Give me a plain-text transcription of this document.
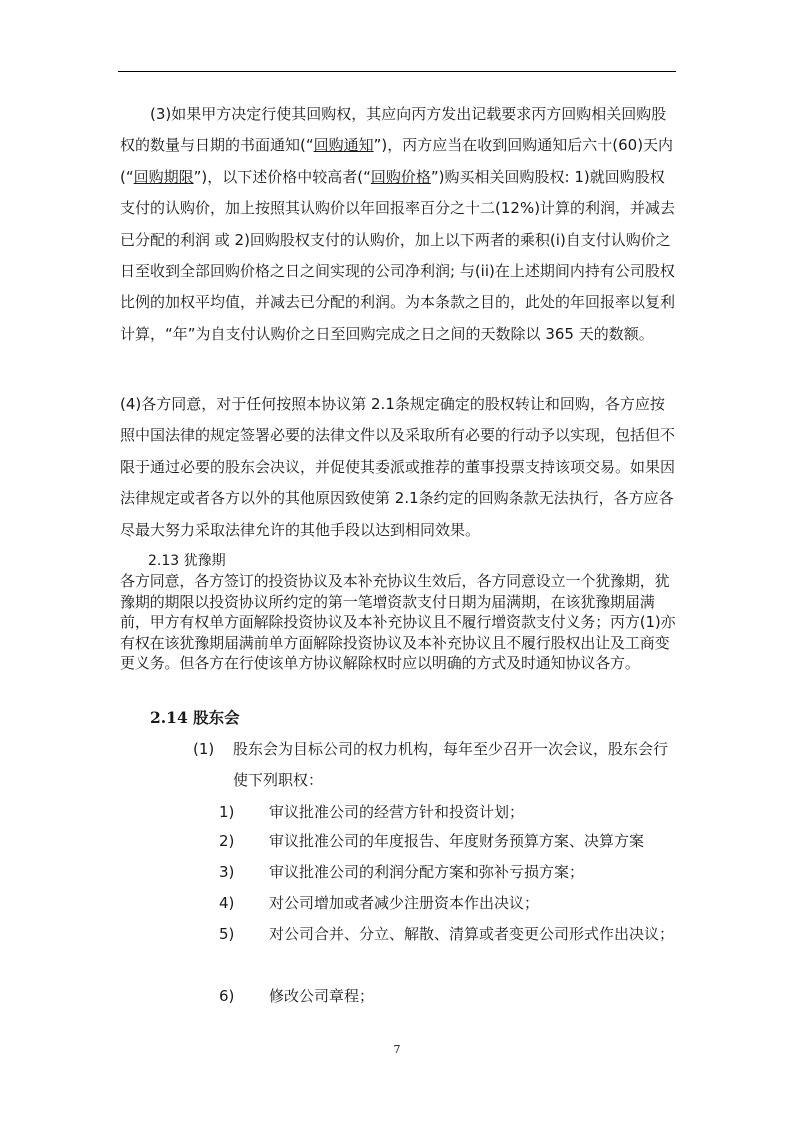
(3)如果甲方决定行使其回购权，其应向丙方发出记载要求丙方回购相关回购股权的数量与日期的书面通知(“回购通知”)，丙方应当在收到回购通知后六十(60)天内(“回购期限”)，以下述价格中较高者(“回购价格”)购买相关回购股权: 1)就回购股权支付的认购价，加上按照其认购价以年回报率百分之十二(12%)计算的利润，并减去已分配的利润 或 2)回购股权支付的认购价，加上以下两者的乘积(i)自支付认购价之日至收到全部回购价格之日之间实现的公司净利润; 与(ii)在上述期间内持有公司股权比例的加权平均值，并减去已分配的利润。为本条款之目的，此处的年回报率以复利计算，“年”为自支付认购价之日至回购完成之日之间的天数除以 365 天的数额。

(4)各方同意，对于任何按照本协议第 2.1条规定确定的股权转让和回购，各方应按照中国法律的规定签署必要的法律文件以及采取所有必要的行动予以实现，包括但不限于通过必要的股东会决议，并促使其委派或推荐的董事投票支持该项交易。如果因法律规定或者各方以外的其他原因致使第 2.1条约定的回购条款无法执行，各方应各尽最大努力采取法律允许的其他手段以达到相同效果。

2.13 犹豫期

各方同意，各方签订的投资协议及本补充协议生效后，各方同意设立一个犹豫期，犹豫期的期限以投资协议所约定的第一笔增资款支付日期为届满期，在该犹豫期届满前，甲方有权单方面解除投资协议及本补充协议且不履行增资款支付义务；丙方(1)亦有权在该犹豫期届满前单方面解除投资协议及本补充协议且不履行股权出让及工商变更义务。但各方在行使该单方协议解除权时应以明确的方式及时通知协议各方。

2.14 股东会

(1) 股东会为目标公司的权力机构，每年至少召开一次会议，股东会行使下列职权：
1) 审议批准公司的经营方针和投资计划；
2) 审议批准公司的年度报告、年度财务预算方案、决算方案
3) 审议批准公司的利润分配方案和弥补亏损方案；
4) 对公司增加或者减少注册资本作出决议；
5) 对公司合并、分立、解散、清算或者变更公司形式作出决议；
6) 修改公司章程；
7
